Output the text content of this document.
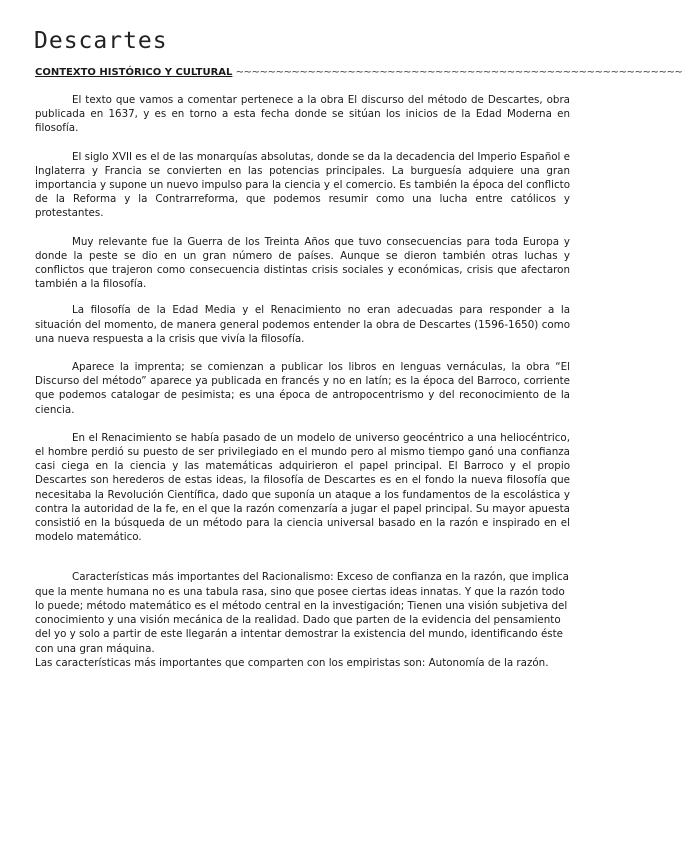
Descartes
CONTEXTO HISTÓRICO Y CULTURAL ~~~~~~~~~~~~~~~~~~~~~~~~~~~~~~~~~~~~~~~~~~~~~~~~~~~~~~~~

El texto que vamos a comentar pertenece a la obra El discurso del método de Descartes, obra publicada en 1637, y es en torno a esta fecha donde se sitúan los inicios de la Edad Moderna en filosofía.

El siglo XVII es el de las monarquías absolutas, donde se da la decadencia del Imperio Español e Inglaterra y Francia se convierten en las potencias principales. La burguesía adquiere una gran importancia y supone un nuevo impulso para la ciencia y el comercio. Es también la época del conflicto de la Reforma y la Contrarreforma, que podemos resumir como una lucha entre católicos y protestantes.

Muy relevante fue la Guerra de los Treinta Años que tuvo consecuencias para toda Europa y donde la peste se dio en un gran número de países. Aunque se dieron también otras luchas y conflictos que trajeron como consecuencia distintas crisis sociales y económicas, crisis que afectaron también a la filosofía.

La filosofía de la Edad Media y el Renacimiento no eran adecuadas para responder a la situación del momento, de manera general podemos entender la obra de Descartes (1596-1650) como una nueva respuesta a la crisis que vivía la filosofía.

Aparece la imprenta; se comienzan a publicar los libros en lenguas vernáculas, la obra “El Discurso del método” aparece ya publicada en francés y no en latín; es la época del Barroco, corriente que podemos catalogar de pesimista; es una época de antropocentrismo y del reconocimiento de la ciencia.

En el Renacimiento se había pasado de un modelo de universo geocéntrico a una heliocéntrico, el hombre perdió su puesto de ser privilegiado en el mundo pero al mismo tiempo ganó una confianza casi ciega en la ciencia y las matemáticas adquirieron el papel principal. El Barroco y el propio Descartes son herederos de estas ideas, la filosofía de Descartes es en el fondo la nueva filosofía que necesitaba la Revolución Científica, dado que suponía un ataque a los fundamentos de la escolástica y contra la autoridad de la fe, en el que la razón comenzaría a jugar el papel principal. Su mayor apuesta consistió en la búsqueda de un método para la ciencia universal basado en la razón e inspirado en el modelo matemático.

Características más importantes del Racionalismo: Exceso de confianza en la razón, que implica que la mente humana no es una tabula rasa, sino que posee ciertas ideas innatas. Y que la razón todo lo puede; método matemático es el método central en la investigación; Tienen una visión subjetiva del conocimiento y una visión mecánica de la realidad. Dado que parten de la evidencia del pensamiento del yo y solo a partir de este llegarán a intentar demostrar la existencia del mundo, identificando éste con una gran máquina.

Las características más importantes que comparten con los empiristas son: Autonomía de la razón.
